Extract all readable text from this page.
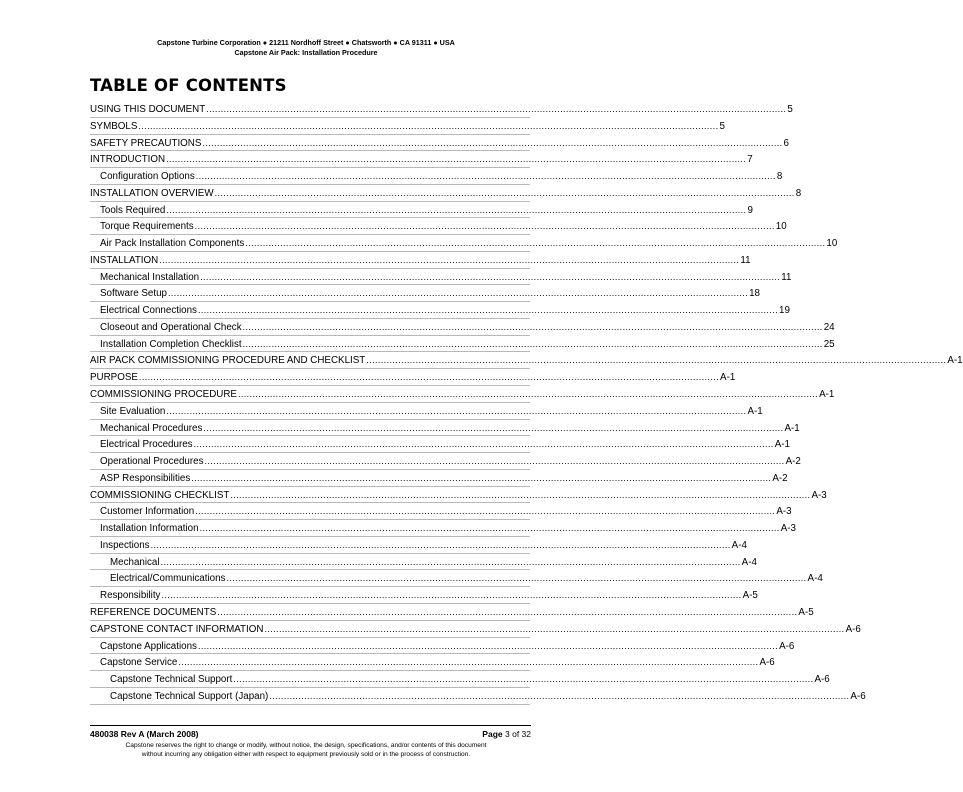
Capstone Turbine Corporation ● 21211 Nordhoff Street ● Chatsworth ● CA 91311 ● USA
Capstone Air Pack: Installation Procedure
TABLE OF CONTENTS
USING THIS DOCUMENT ........................................................................................................................................................................................................ 5
SYMBOLS ........................................................................................................................................................................................................ 5
SAFETY PRECAUTIONS ........................................................................................................................................................................................................ 6
INTRODUCTION ........................................................................................................................................................................................................ 7
Configuration Options ........................................................................................................................................................................................................ 8
INSTALLATION OVERVIEW ........................................................................................................................................................................................................ 8
Tools Required ........................................................................................................................................................................................................ 9
Torque Requirements ........................................................................................................................................................................................................ 10
Air Pack Installation Components ........................................................................................................................................................................................................ 10
INSTALLATION ........................................................................................................................................................................................................ 11
Mechanical Installation ........................................................................................................................................................................................................ 11
Software Setup ........................................................................................................................................................................................................ 18
Electrical Connections ........................................................................................................................................................................................................ 19
Closeout and Operational Check ........................................................................................................................................................................................................ 24
Installation Completion Checklist ........................................................................................................................................................................................................ 25
AIR PACK COMMISSIONING PROCEDURE AND CHECKLIST ........................................................................................................................................................................................................ A-1
PURPOSE ........................................................................................................................................................................................................ A-1
COMMISSIONING PROCEDURE ........................................................................................................................................................................................................ A-1
Site Evaluation ........................................................................................................................................................................................................ A-1
Mechanical Procedures ........................................................................................................................................................................................................ A-1
Electrical Procedures ........................................................................................................................................................................................................ A-1
Operational Procedures ........................................................................................................................................................................................................ A-2
ASP Responsibilities ........................................................................................................................................................................................................ A-2
COMMISSIONING CHECKLIST ........................................................................................................................................................................................................ A-3
Customer Information ........................................................................................................................................................................................................ A-3
Installation Information ........................................................................................................................................................................................................ A-3
Inspections ........................................................................................................................................................................................................ A-4
Mechanical ........................................................................................................................................................................................................ A-4
Electrical/Communications ........................................................................................................................................................................................................ A-4
Responsibility ........................................................................................................................................................................................................ A-5
REFERENCE DOCUMENTS ........................................................................................................................................................................................................ A-5
CAPSTONE CONTACT INFORMATION ........................................................................................................................................................................................................ A-6
Capstone Applications ........................................................................................................................................................................................................ A-6
Capstone Service ........................................................................................................................................................................................................ A-6
Capstone Technical Support ........................................................................................................................................................................................................ A-6
Capstone Technical Support (Japan) ........................................................................................................................................................................................................ A-6
480038 Rev A (March 2008)	Page 3 of 32
Capstone reserves the right to change or modify, without notice, the design, specifications, and/or contents of this document
without incurring any obligation either with respect to equipment previously sold or in the process of construction.
